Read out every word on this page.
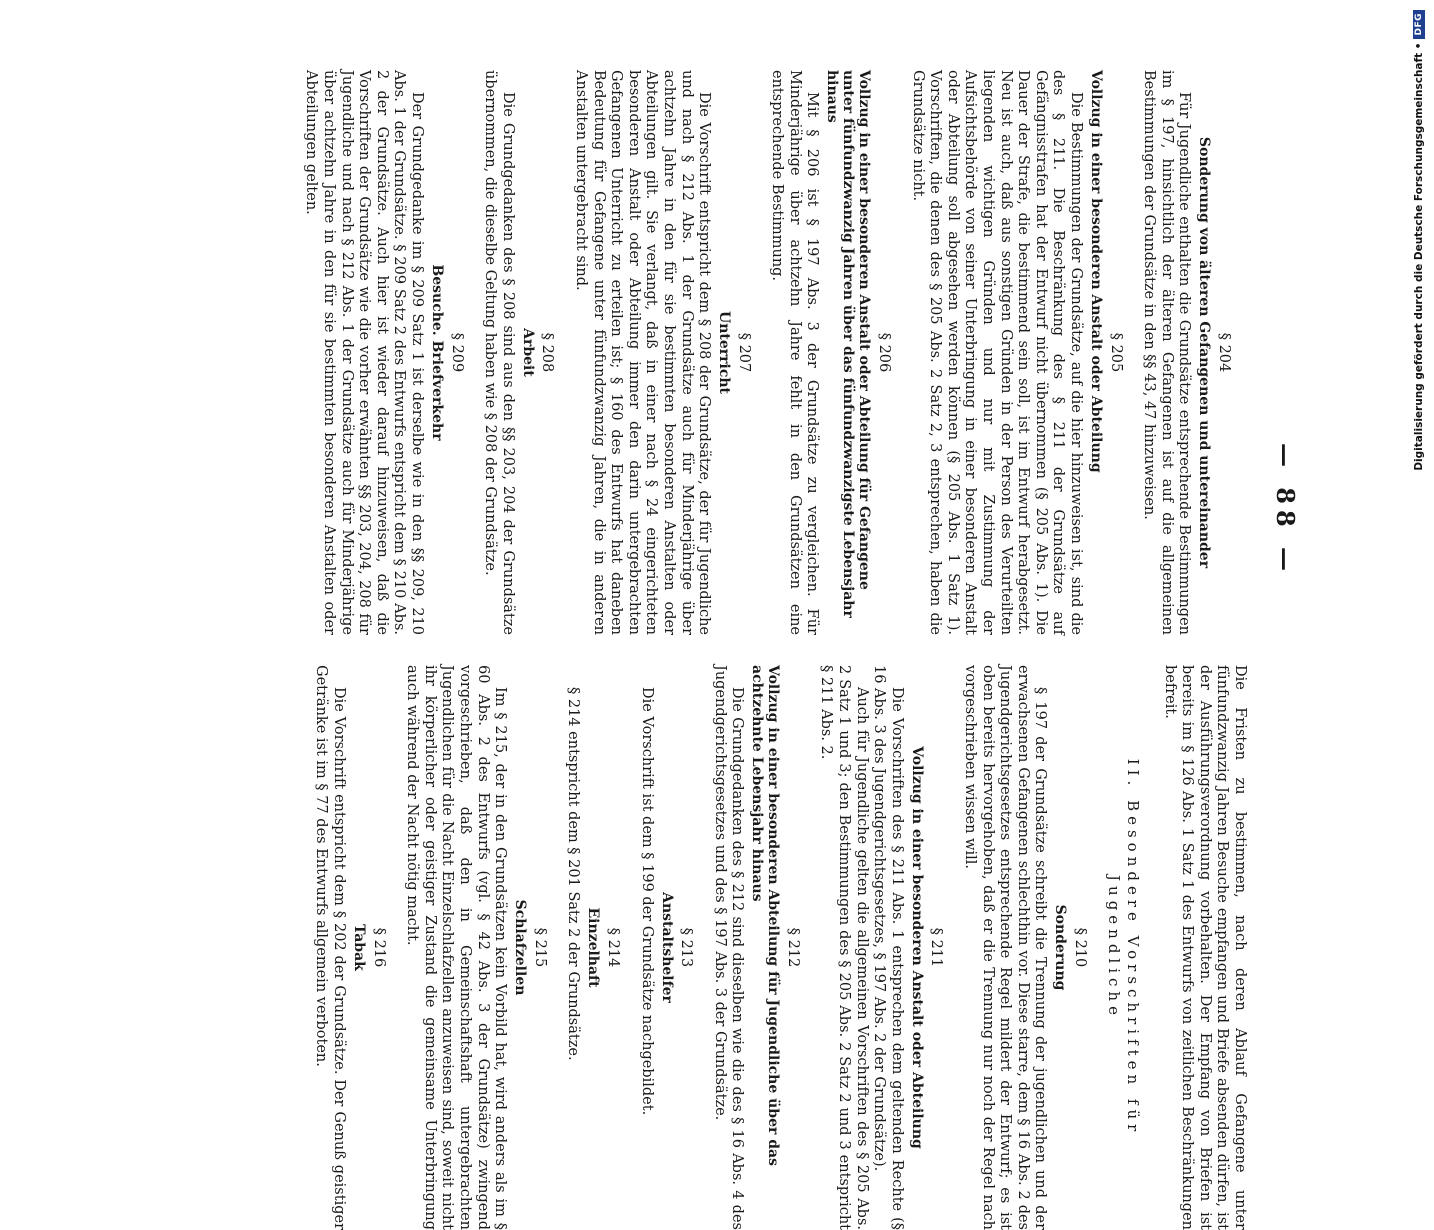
— 88 —
§ 204
Sonderung von älteren Gefangenen und untereinander

Für Jugendliche enthalten die Grundsätze entsprechende Bestimmungen im § 197, hinsichtlich der älteren Gefangenen ist auf die allgemeinen Bestimmungen der Grundsätze in den §§ 43, 47 hinzuweisen.

§ 205
Vollzug in einer besonderen Anstalt oder Abteilung

Die Bestimmungen der Grundsätze, auf die hier hinzuweisen ist, sind die des § 211. Die Beschränkung des § 211 der Grundsätze auf Gefängnisstrafen hat der Entwurf nicht übernommen (§ 205 Abs. 1). Die Dauer der Strafe, die bestimmend sein soll, ist im Entwurf herabgesetzt. Neu ist auch, daß aus sonstigen Gründen in der Person des Verurteilten liegenden wichtigen Gründen und nur mit Zustimmung der Aufsichtsbehörde von seiner Unterbringung in einer besonderen Anstalt oder Abteilung soll abgesehen werden können (§ 205 Abs. 1 Satz 1). Vorschriften, die denen des § 205 Abs. 2 Satz 2, 3 entsprechen, haben die Grundsätze nicht.

§ 206
Vollzug in einer besonderen Anstalt oder Abteilung für Gefangene unter fünfundzwanzig Jahren über das fünfundzwanzigste Lebensjahr hinaus

Mit § 206 ist § 197 Abs. 3 der Grundsätze zu vergleichen. Für Minderjährige über achtzehn Jahre fehlt in den Grundsätzen eine entsprechende Bestimmung.

§ 207
Unterricht

Die Vorschrift entspricht dem § 208 der Grundsätze, der für Jugendliche und nach § 212 Abs. 1 der Grundsätze auch für Minderjährige über achtzehn Jahre in den für sie bestimmten besonderen Anstalten oder Abteilungen gilt. Sie verlangt, daß in einer nach § 24 eingerichteten besonderen Anstalt oder Abteilung immer den darin untergebrachten Gefangenen Unterricht zu erteilen ist; § 160 des Entwurfs hat daneben Bedeutung für Gefangene unter fünfundzwanzig Jahren, die in anderen Anstalten untergebracht sind.

§ 208
Arbeit

Die Grundgedanken des § 208 sind aus den §§ 203, 204 der Grundsätze übernommen, die dieselbe Geltung haben wie § 208 der Grundsätze.

§ 209
Besuche. Briefverkehr

Der Grundgedanke im § 209 Satz 1 ist derselbe wie in den §§ 209, 210 Abs. 1 der Grundsätze. § 209 Satz 2 des Entwurfs entspricht dem § 210 Abs. 2 der Grundsätze. Auch hier ist wieder darauf hinzuweisen, daß die Vorschriften der Grundsätze wie die vorher erwähnten §§ 203, 204, 208 für Jugendliche und nach § 212 Abs. 1 der Grundsätze auch für Minderjährige über achtzehn Jahre in den für sie bestimmten besonderen Anstalten oder Abteilungen gelten.

Die Fristen zu bestimmen, nach deren Ablauf Gefangene unter fünfundzwanzig Jahren Besuche empfangen und Briefe absenden dürfen, ist der Ausführungsverordnung vorbehalten. Der Empfang von Briefen ist bereits im § 126 Abs. 1 Satz 1 des Entwurfs von zeitlichen Beschränkungen befreit.

II. Besondere Vorschriften für
Jugendliche
§ 210
Sonderung

§ 197 der Grundsätze schreibt die Trennung der jugendlichen und der erwachsenen Gefangenen schlechthin vor. Diese starre, dem § 16 Abs. 2 des Jugendgerichtsgesetzes entsprechende Regel mildert der Entwurf; es ist oben bereits hervorgehoben, daß er die Trennung nur noch der Regel nach vorgeschrieben wissen will.

§ 211
Vollzug in einer besonderen Anstalt oder Abteilung

Die Vorschriften des § 211 Abs. 1 entsprechen dem geltenden Rechte (§ 16 Abs. 3 des Jugendgerichtsgesetzes, § 197 Abs. 2 der Grundsätze).

Auch für Jugendliche gelten die allgemeinen Vorschriften des § 205 Abs. 2 Satz 1 und 3; den Bestimmungen des § 205 Abs. 2 Satz 2 und 3 entspricht § 211 Abs. 2.

§ 212
Vollzug in einer besonderen Abteilung für Jugendliche über das achtzehnte Lebensjahr hinaus

Die Grundgedanken des § 212 sind dieselben wie die des § 16 Abs. 4 des Jugendgerichtsgesetzes und des § 197 Abs. 3 der Grundsätze.

§ 213
Anstaltshelfer

Die Vorschrift ist dem § 199 der Grundsätze nachgebildet.

§ 214
Einzelhaft

§ 214 entspricht dem § 201 Satz 2 der Grundsätze.

§ 215
Schlafzellen

Im § 215, der in den Grundsätzen kein Vorbild hat, wird anders als im § 60 Abs. 2 des Entwurfs (vgl. § 42 Abs. 3 der Grundsätze) zwingend vorgeschrieben, daß den in Gemeinschaftshaft untergebrachten Jugendlichen für die Nacht Einzelschlafzellen anzuweisen sind, soweit nicht ihr körperlicher oder geistiger Zustand die gemeinsame Unterbringung auch während der Nacht nötig macht.

§ 216
Tabak

Die Vorschrift entspricht dem § 202 der Grundsätze. Der Genuß geistiger Getränke ist im § 77 des Entwurfs allgemein verboten.

Digitalisierung gefördert durch die Deutsche Forschungsgemeinschaft •
DFG
